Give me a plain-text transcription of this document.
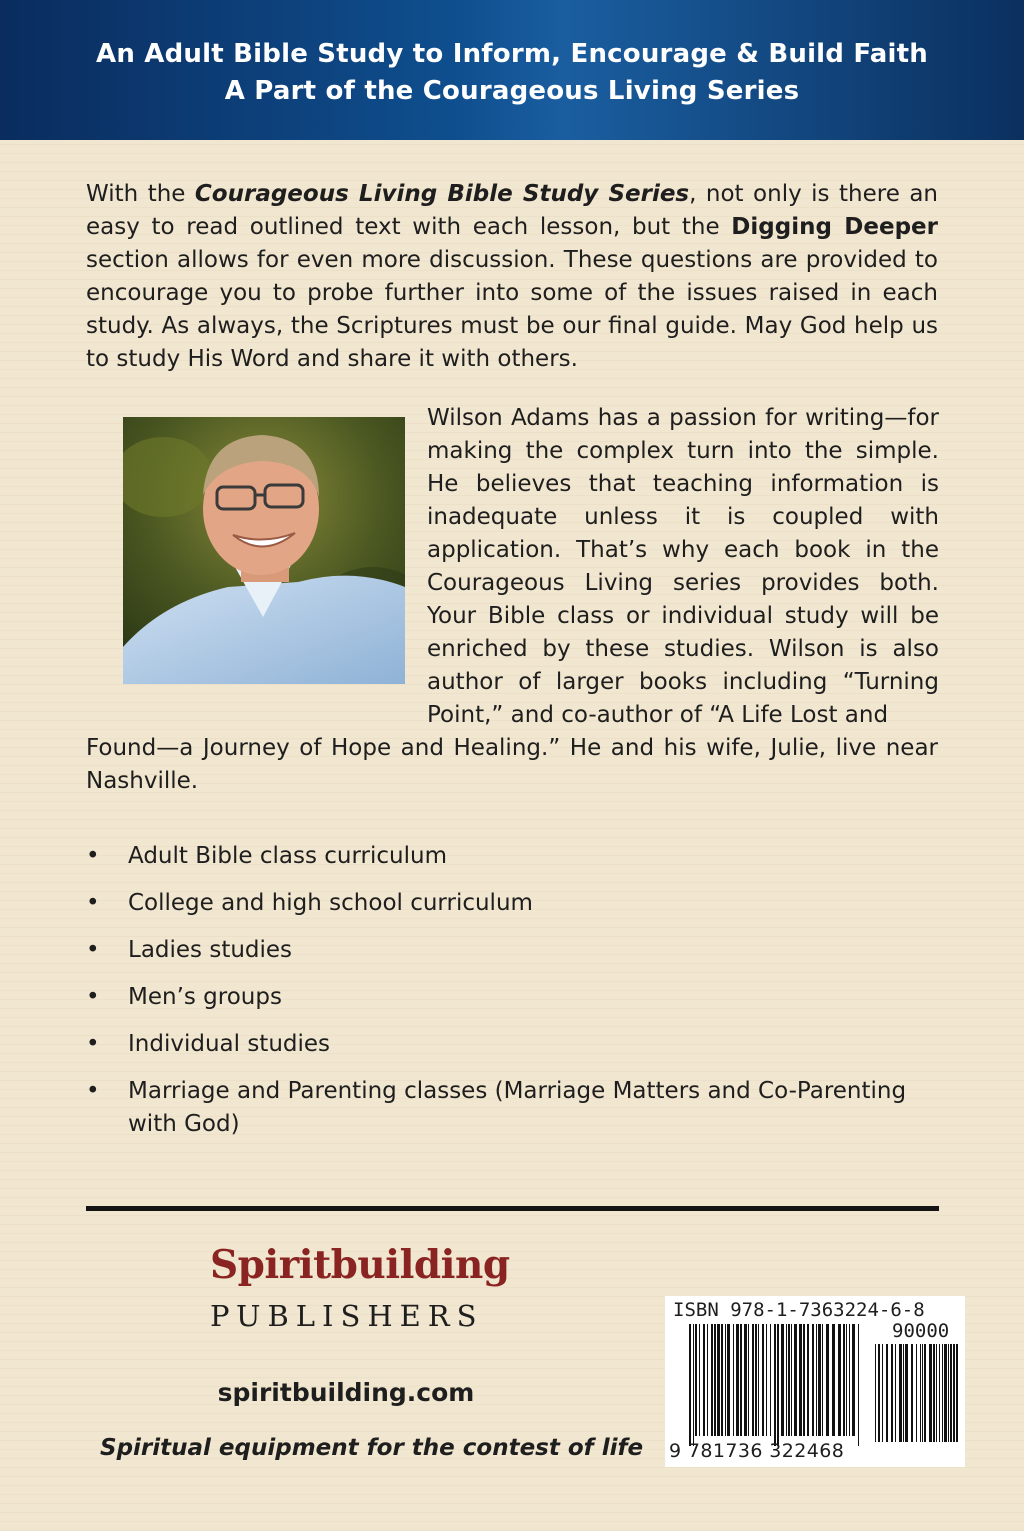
An Adult Bible Study to Inform, Encourage & Build Faith
A Part of the Courageous Living Series
With the Courageous Living Bible Study Series, not only is there an easy to read outlined text with each lesson, but the Digging Deeper section allows for even more discussion. These questions are provided to encourage you to probe further into some of the issues raised in each study. As always, the Scriptures must be our final guide. May God help us to study His Word and share it with others.
Wilson Adams has a passion for writing—for making the complex turn into the simple. He believes that teaching information is inadequate unless it is coupled with application. That’s why each book in the Courageous Living series provides both. Your Bible class or individual study will be enriched by these studies. Wilson is also author of larger books including “Turning Point,” and co-author of “A Life Lost and
Found—a Journey of Hope and Healing.” He and his wife, Julie, live near
Nashville.
• Adult Bible class curriculum
• College and high school curriculum
• Ladies studies
• Men’s groups
• Individual studies
• Marriage and Parenting classes (Marriage Matters and Co-Parenting with God)
Spiritbuilding
PUBLISHERS
spiritbuilding.com
Spiritual equipment for the contest of life
ISBN 978-1-7363224-6-8
90000
9 781736 322468
